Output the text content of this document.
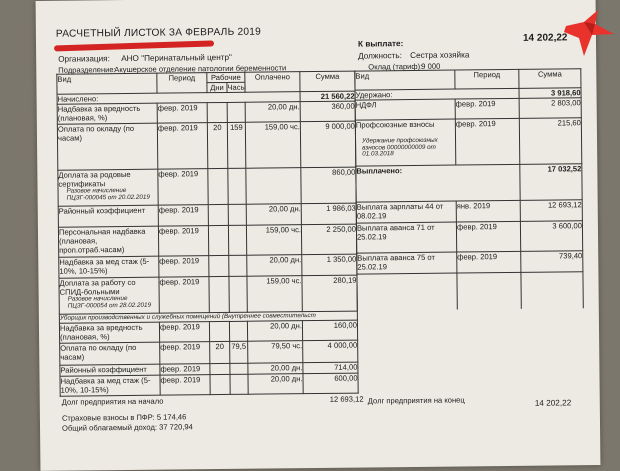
РАСЧЕТНЫЙ ЛИСТОК ЗА ФЕВРАЛЬ 2019
Организация: АНО "Перинатальный центр"
Подразделение:
Акушерское отделение патологии беременности
К выплате:	14 202,22
Должность: Сестра хозяйка
Оклад (тариф):
9 000
Вид	Период	Рабочие		Оплачено	Сумма
		Дни	Часы		
Начислено:					21 560,22
Надбавка за вредность (плановая, %)	февр. 2019			20,00 дн.	360,00
Оплата по окладу (по часам)	февр. 2019	20	159	159,00 чс.	9 000,00

Доплата за родовые сертификаты
Разовое начисление ПЦЗГ-000045 от 20.02.2019	февр. 2019				860,00
Районный коэффициент	февр. 2019			20,00 дн.	1 986,03
Персональная надбавка (плановая, проп.отраб.часам)	февр. 2019			159,00 чс.	2 250,00
Надбавка за мед стаж (5-10%, 10-15%)	февр. 2019			20,00 дн.	1 350,00

Доплата за работу со СПИД-больными
Разовое начисление ПЦЗГ-000054 от 28.02.2019	февр. 2019			159,00 чс.	280,19
Уборщик производственных и служебных помещений (Внутреннее совместительст					
Надбавка за вредность (плановая, %)	февр. 2019			20,00 дн.	160,00
Оплата по окладу (по часам)	февр. 2019	20	79,5	79,50 чс.	4 000,00
Районный коэффициент	февр. 2019			20,00 дн.	714,00
Надбавка за мед стаж (5-10%, 10-15%)	февр. 2019			20,00 дн.	600,00
Вид	Период	Сумма
Удержано:		3 918,60
НДФЛ	февр. 2019	2 803,00

Профсоюзные взносы
Удержание профсоюзных взносов 00000000009 от 01.03.2018	февр. 2019	215,60
Выплачено:		17 032,52
Выплата зарплаты 44 от 08.02.19	янв. 2019	12 693,12
Выплата аванса 71 от 25.02.19	февр. 2019	3 600,00
Выплата аванса 75 от 25.02.19	февр. 2019	739,40

Долг предприятия на начало	12 693,12 Долг предприятия на конец	14 202,22
Страховые взносы в ПФР: 5 174,46
Общий облагаемый доход: 37 720,94
